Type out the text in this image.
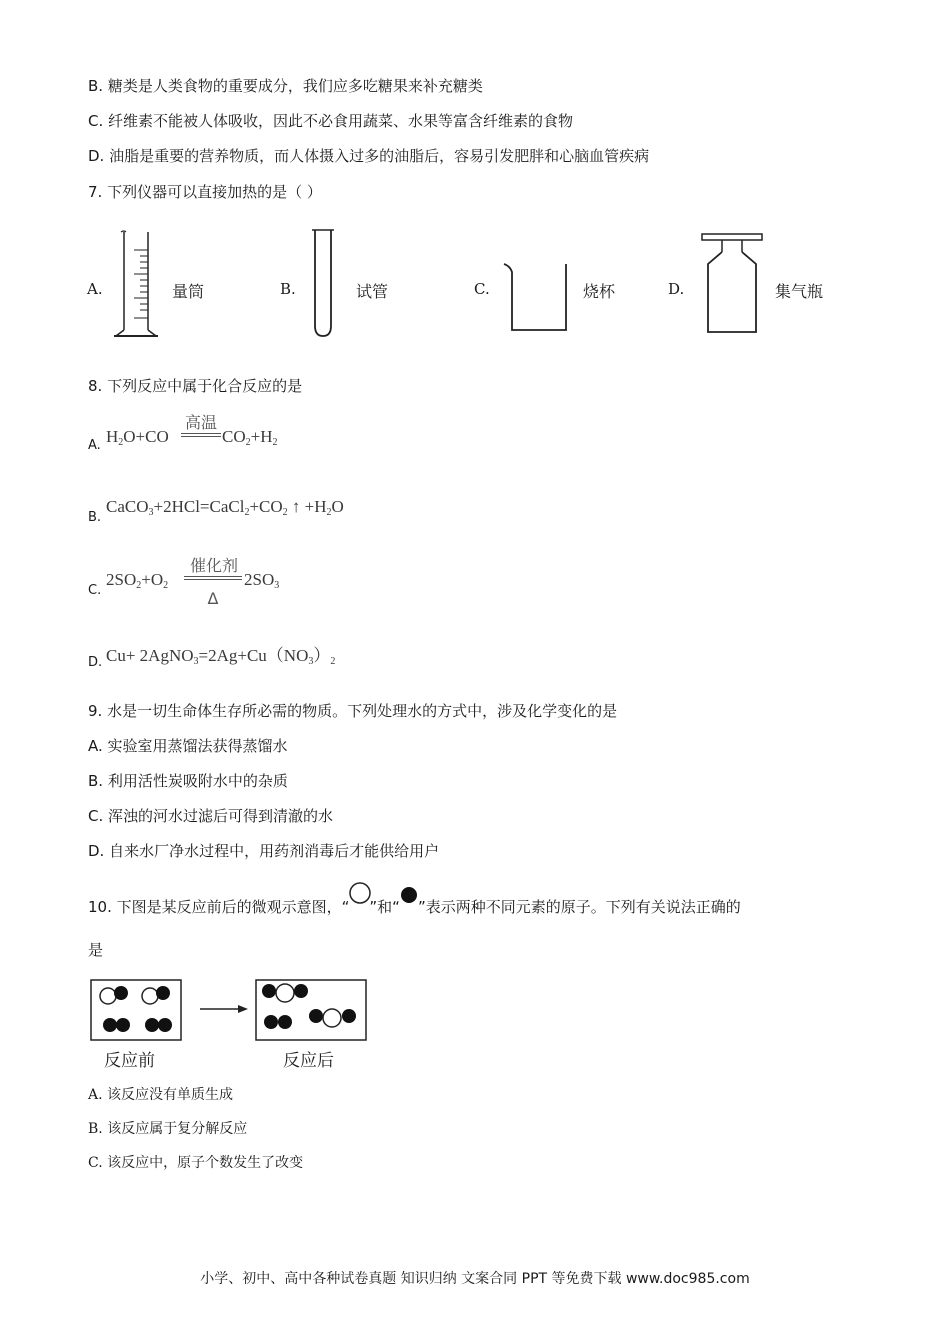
B. 糖类是人类食物的重要成分，我们应多吃糖果来补充糖类
C. 纤维素不能被人体吸收，因此不必食用蔬菜、水果等富含纤维素的食物
D. 油脂是重要的营养物质，而人体摄入过多的油脂后，容易引发肥胖和心脑血管疾病
7. 下列仪器可以直接加热的是（ ）
A.	量筒	B.	试管	C.	烧杯	D.	集气瓶
8. 下列反应中属于化合反应的是
A. $H_2O+CO$
高温
$CO_2+H_2$
B.
$CaCO_3+2HCl=CaCl_2+CO_2$ ↑ $+H_2O$
C.
$2SO_2+O_2$
催化剂
Δ
$2SO_3$
D. $Cu+ 2AgNO_3=2Ag+Cu(NO_3)_2$
9. 水是一切生命体生存所必需的物质。下列处理水的方式中，涉及化学变化的是
A. 实验室用蒸馏法获得蒸馏水
B. 利用活性炭吸附水中的杂质
C. 浑浊的河水过滤后可得到清澈的水
D. 自来水厂净水过程中，用药剂消毒后才能供给用户
10. 下图是某反应前后的微观示意图，“ ”和“ ”表示两种不同元素的原子。下列有关说法正确的
是
反应前	反应后
A. 该反应没有单质生成
B. 该反应属于复分解反应
C. 该反应中，原子个数发生了改变
小学、初中、高中各种试卷真题 知识归纳 文案合同 PPT 等免费下载 www.doc985.com
